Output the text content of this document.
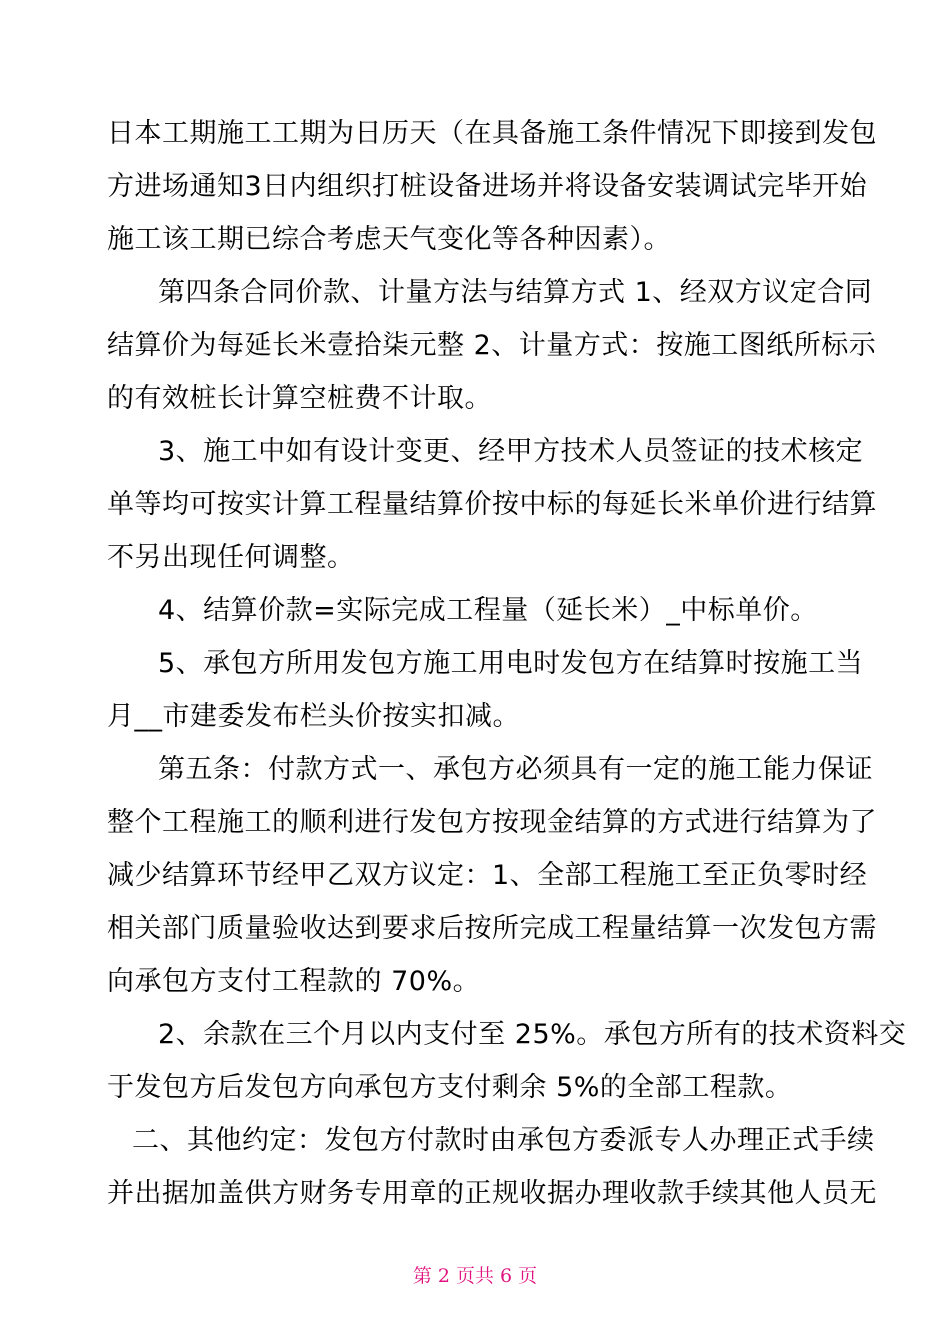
日本工期施工工期为日历天（在具备施工条件情况下即接到发包
方进场通知3日内组织打桩设备进场并将设备安装调试完毕开始
施工该工期已综合考虑天气变化等各种因素）。
第四条合同价款、计量方法与结算方式 1、经双方议定合同
结算价为每延长米壹拾柒元整 2、计量方式：按施工图纸所标示
的有效桩长计算空桩费不计取。
3、施工中如有设计变更、经甲方技术人员签证的技术核定
单等均可按实计算工程量结算价按中标的每延长米单价进行结算
不另出现任何调整。
4、结算价款=实际完成工程量（延长米）_中标单价。
5、承包方所用发包方施工用电时发包方在结算时按施工当
月__市建委发布栏头价按实扣减。
第五条：付款方式一、承包方必须具有一定的施工能力保证
整个工程施工的顺利进行发包方按现金结算的方式进行结算为了
减少结算环节经甲乙双方议定：1、全部工程施工至正负零时经
相关部门质量验收达到要求后按所完成工程量结算一次发包方需
向承包方支付工程款的 70%。
2、余款在三个月以内支付至 25%。承包方所有的技术资料交
于发包方后发包方向承包方支付剩余 5%的全部工程款。
二、其他约定：发包方付款时由承包方委派专人办理正式手续
并出据加盖供方财务专用章的正规收据办理收款手续其他人员无
第 2 页共 6 页
